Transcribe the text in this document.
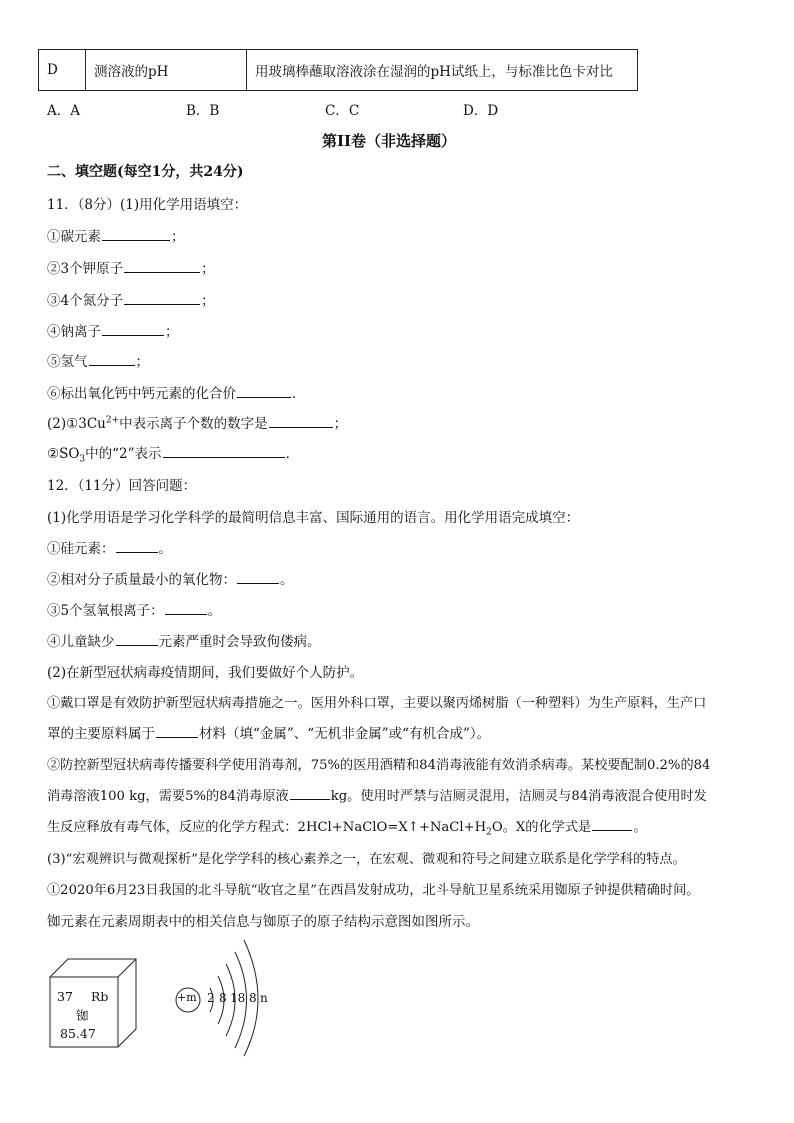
D	测溶液的pH	用玻璃棒蘸取溶液涂在湿润的pH试纸上，与标准比色卡对比
A．A	B．B	C．C	D．D
第II卷（非选择题）
二、填空题(每空1分，共24分)
11．（8分）(1)用化学用语填空：
①碳元素	；
②3个钾原子	；
③4个氮分子	；
④钠离子	；
⑤氢气	；
⑥标出氧化钙中钙元素的化合价	．
$(2)①3Cu^{2+}$中表示离子个数的数字是	；
$②SO_3$中的“2”表示	．
12．（11分）回答问题：
(1)化学用语是学习化学科学的最简明信息丰富、国际通用的语言。用化学用语完成填空：
①硅元素：	。
②相对分子质量最小的氧化物：	。
③5个氢氧根离子：	。
④儿童缺少	元素严重时会导致佝偻病。
(2)在新型冠状病毒疫情期间，我们要做好个人防护。
①戴口罩是有效防护新型冠状病毒措施之一。医用外科口罩，主要以聚丙烯树脂（一种塑料）为生产原料，生产口
罩的主要原料属于	材料（填“金属”、“无机非金属”或“有机合成”）。
②防控新型冠状病毒传播要科学使用消毒剂，75%的医用酒精和84消毒液能有效消杀病毒。某校要配制0.2%的84
消毒溶液100 kg，需要5%的84消毒原液	kg。使用时严禁与洁厕灵混用，洁厕灵与84消毒液混合使用时发
生反应释放有毒气体，反应的化学方程式：$2HCl+NaClO=X↑+NaCl+H_2O$。X的化学式是	。
(3)“宏观辨识与微观探析”是化学学科的核心素养之一，在宏观、微观和符号之间建立联系是化学学科的特点。
①2020年6月23日我国的北斗导航“收官之星”在西昌发射成功，北斗导航卫星系统采用铷原子钟提供精确时间。
铷元素在元素周期表中的相关信息与铷原子的原子结构示意图如图所示。
37 Rb
铷
85.47
+m 2 8 18 8 n
